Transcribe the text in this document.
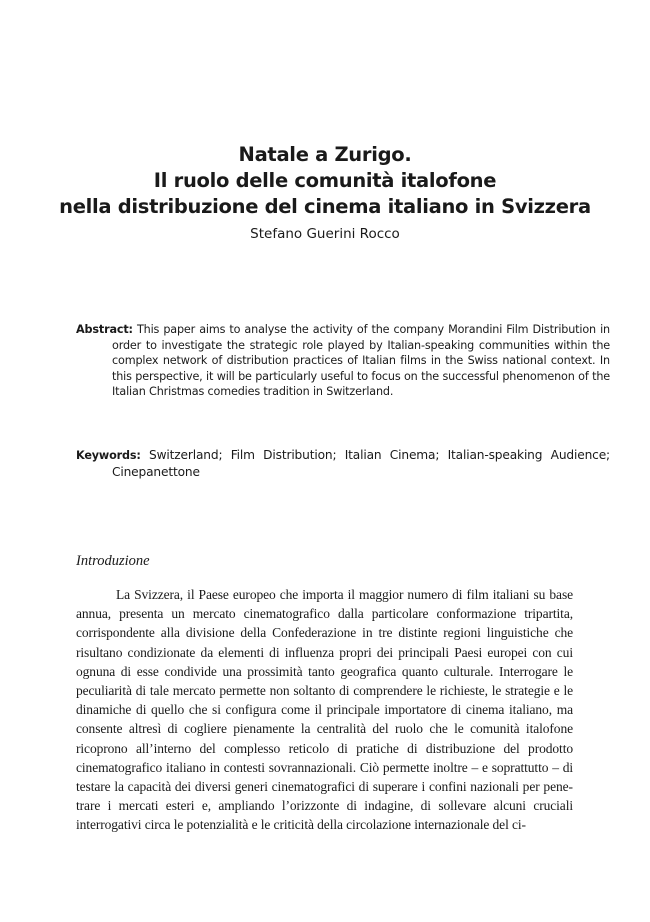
Natale a Zurigo.
Il ruolo delle comunità italofone
nella distribuzione del cinema italiano in Svizzera
Stefano Guerini Rocco
Abstract: This paper aims to analyse the activity of the company Morandini Film Distribution in order to investigate the strategic role played by Italian-speaking communities within the complex network of distribution practices of Italian films in the Swiss national context. In this perspective, it will be particularly useful to focus on the successful phenomenon of the Italian Christmas comedies tradition in Switzerland.
Keywords: Switzerland; Film Distribution; Italian Cinema; Italian-speaking Audience; Cinepanettone
Introduzione

La Svizzera, il Paese europeo che importa il maggior numero di film italiani su base annua, presenta un mercato cinematografico dalla particolare conformazione tripartita, corrispondente alla divisione della Confederazione in tre distinte regioni linguistiche che risultano condizionate da elementi di influenza propri dei principali Paesi europei con cui ognuna di esse condivide una prossimità tanto geografica quanto culturale. Interrogare le peculiarità di tale mercato permette non soltanto di comprendere le richieste, le strategie e le dinamiche di quello che si configura come il principale importatore di cinema italiano, ma consente altresì di cogliere pienamente la centralità del ruolo che le comunità italofone ricoprono all’interno del complesso reticolo di pratiche di distribuzione del prodotto cinematografico italiano in contesti sovrannazionali. Ciò permette inoltre – e soprattutto – di testare la capacità dei diversi generi cinematografici di superare i confini nazionali per penetrare i mercati esteri e, ampliando l’orizzonte di indagine, di sollevare alcuni cruciali interrogativi circa le potenzialità e le criticità della circolazione internazionale del ci-
